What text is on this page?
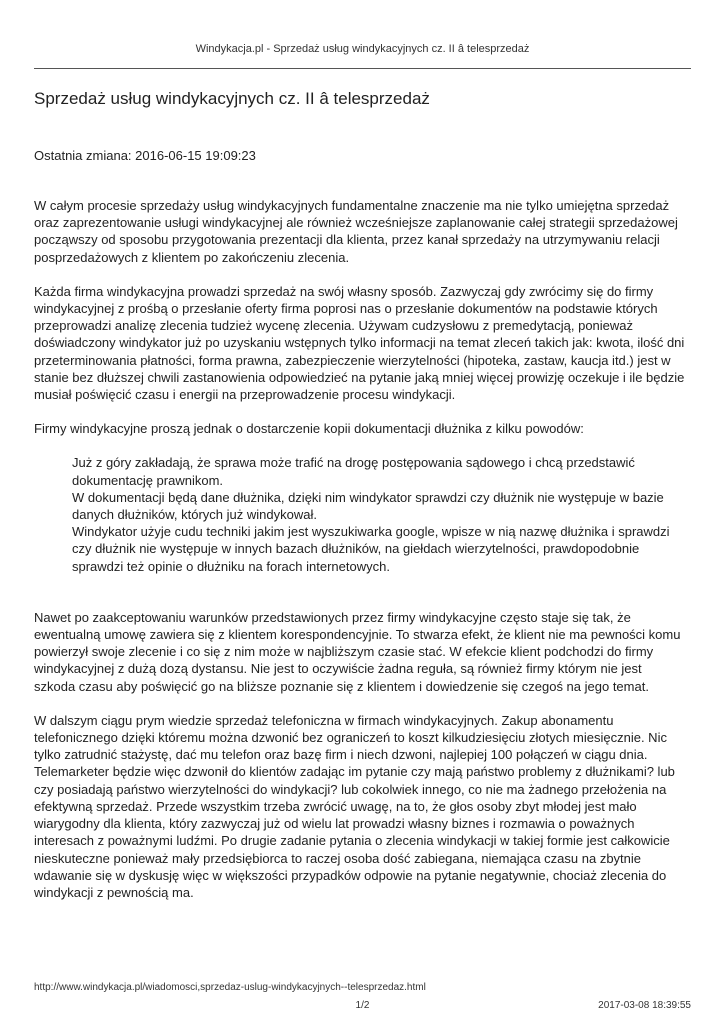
Windykacja.pl - Sprzedaż usług windykacyjnych cz. II â telesprzedaż
Sprzedaż usług windykacyjnych cz. II â telesprzedaż
Ostatnia zmiana: 2016-06-15 19:09:23

W całym procesie sprzedaży usług windykacyjnych fundamentalne znaczenie ma nie tylko umiejętna sprzedaż oraz zaprezentowanie usługi windykacyjnej ale również wcześniejsze zaplanowanie całej strategii sprzedażowej począwszy od sposobu przygotowania prezentacji dla klienta, przez kanał sprzedaży na utrzymywaniu relacji posprzedażowych z klientem po zakończeniu zlecenia.

Każda firma windykacyjna prowadzi sprzedaż na swój własny sposób. Zazwyczaj gdy zwrócimy się do firmy windykacyjnej z prośbą o przesłanie oferty firma poprosi nas o przesłanie dokumentów na podstawie których przeprowadzi analizę zlecenia tudzież wycenę zlecenia. Używam cudzysłowu z premedytacją, ponieważ doświadczony windykator już po uzyskaniu wstępnych tylko informacji na temat zleceń takich jak: kwota, ilość dni przeterminowania płatności, forma prawna, zabezpieczenie wierzytelności (hipoteka, zastaw, kaucja itd.) jest w stanie bez dłuższej chwili zastanowienia odpowiedzieć na pytanie jaką mniej więcej prowizję oczekuje i ile będzie musiał poświęcić czasu i energii na przeprowadzenie procesu windykacji.

Firmy windykacyjne proszą jednak o dostarczenie kopii dokumentacji dłużnika z kilku powodów:

Już z góry zakładają, że sprawa może trafić na drogę postępowania sądowego i chcą przedstawić dokumentację prawnikom.
W dokumentacji będą dane dłużnika, dzięki nim windykator sprawdzi czy dłużnik nie występuje w bazie danych dłużników, których już windykował.
Windykator użyje cudu techniki jakim jest wyszukiwarka google, wpisze w nią nazwę dłużnika i sprawdzi czy dłużnik nie występuje w innych bazach dłużników, na giełdach wierzytelności, prawdopodobnie sprawdzi też opinie o dłużniku na forach internetowych.

Nawet po zaakceptowaniu warunków przedstawionych przez firmy windykacyjne często staje się tak, że ewentualną umowę zawiera się z klientem korespondencyjnie. To stwarza efekt, że klient nie ma pewności komu powierzył swoje zlecenie i co się z nim może w najbliższym czasie stać. W efekcie klient podchodzi do firmy windykacyjnej z dużą dozą dystansu. Nie jest to oczywiście żadna reguła, są również firmy którym nie jest szkoda czasu aby poświęcić go na bliższe poznanie się z klientem i dowiedzenie się czegoś na jego temat.

W dalszym ciągu prym wiedzie sprzedaż telefoniczna w firmach windykacyjnych. Zakup abonamentu telefonicznego dzięki któremu można dzwonić bez ograniczeń to koszt kilkudziesięciu złotych miesięcznie. Nic tylko zatrudnić stażystę, dać mu telefon oraz bazę firm i niech dzwoni, najlepiej 100 połączeń w ciągu dnia. Telemarketer będzie więc dzwonił do klientów zadając im pytanie czy mają państwo problemy z dłużnikami? lub czy posiadają państwo wierzytelności do windykacji? lub cokolwiek innego, co nie ma żadnego przełożenia na efektywną sprzedaż. Przede wszystkim trzeba zwrócić uwagę, na to, że głos osoby zbyt młodej jest mało wiarygodny dla klienta, który zazwyczaj już od wielu lat prowadzi własny biznes i rozmawia o poważnych interesach z poważnymi ludźmi. Po drugie zadanie pytania o zlecenia windykacji w takiej formie jest całkowicie nieskuteczne ponieważ mały przedsiębiorca to raczej osoba dość zabiegana, niemająca czasu na zbytnie wdawanie się w dyskusję więc w większości przypadków odpowie na pytanie negatywnie, chociaż zlecenia do windykacji z pewnością ma.

http://www.windykacja.pl/wiadomosci,sprzedaz-uslug-windykacyjnych--telesprzedaz.html
1/2	2017-03-08 18:39:55
